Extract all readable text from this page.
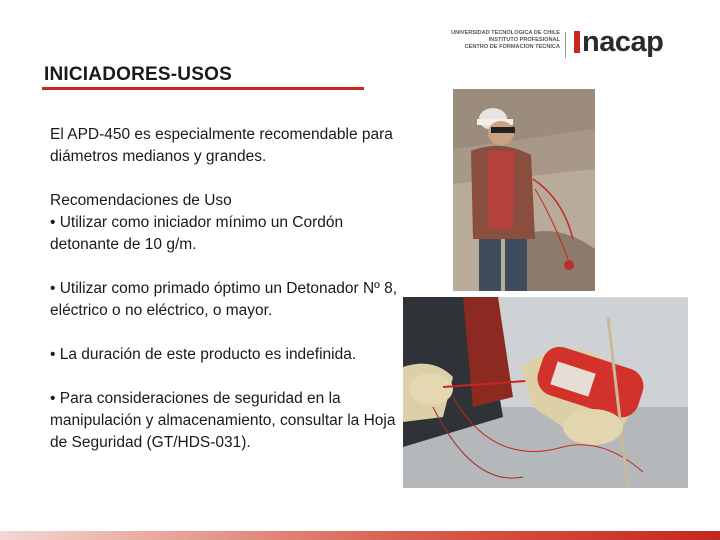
INICIADORES-USOS
UNIVERSIDAD TECNOLOGICA DE CHILE
INSTITUTO PROFESIONAL
CENTRO DE FORMACION TECNICA nacap

El APD-450 es especialmente recomendable para diámetros medianos y grandes.

Recomendaciones de Uso
• Utilizar como iniciador mínimo un Cordón detonante de 10 g/m.

• Utilizar como primado óptimo un Detonador Nº 8, eléctrico o no eléctrico, o mayor.

• La duración de este producto es indefinida.

• Para consideraciones de seguridad en la manipulación y almacenamiento, consultar la Hoja de Seguridad (GT/HDS-031).
